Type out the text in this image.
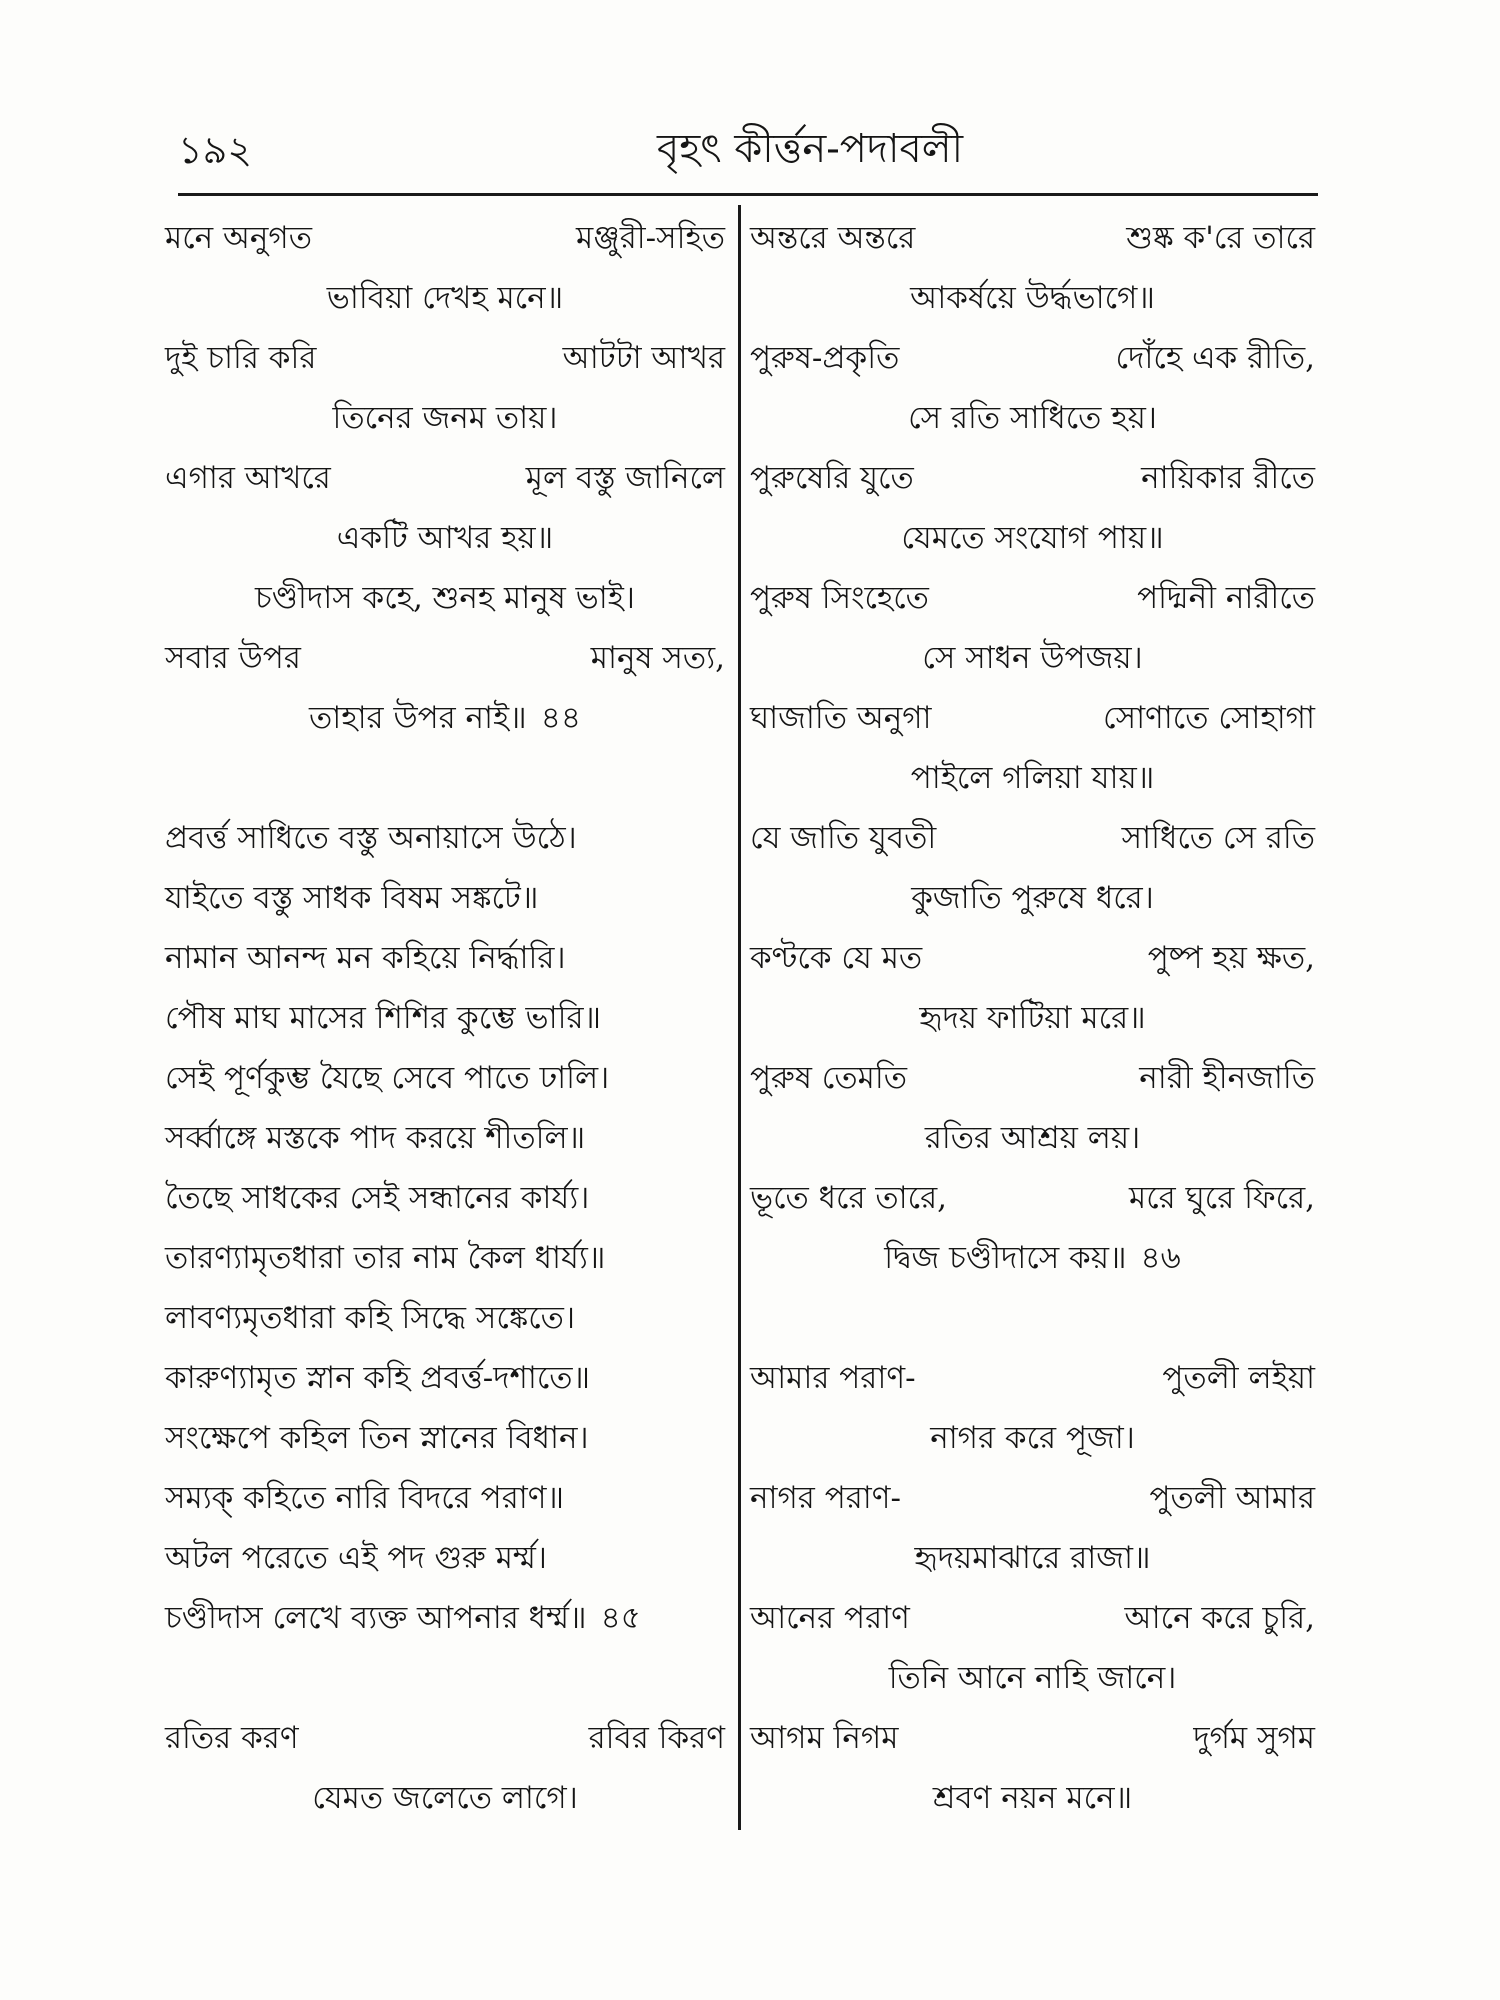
১৯২	বৃহৎ কীর্ত্তন-পদাবলী
মনে অনুগত	মঞ্জুরী-সহিত
ভাবিয়া দেখহ মনে॥
দুই চারি করি	আটটা আখর
তিনের জনম তায়।
এগার আখরে	মূল বস্তু জানিলে
একটি আখর হয়॥
চণ্ডীদাস কহে, শুনহ মানুষ ভাই।
সবার উপর	মানুষ সত্য,
তাহার উপর নাই॥ ৪৪
প্রবর্ত্ত সাধিতে বস্তু অনায়াসে উঠে।
যাইতে বস্তু সাধক বিষম সঙ্কটে॥
নামান আনন্দ মন কহিয়ে নির্দ্ধারি।
পৌষ মাঘ মাসের শিশির কুম্ভে ভারি॥
সেই পূর্ণকুম্ভ যৈছে সেবে পাতে ঢালি।
সর্ব্বাঙ্গে মস্তকে পাদ করয়ে শীতলি॥
তৈছে সাধকের সেই সন্ধানের কার্য্য।
তারণ্যামৃতধারা তার নাম কৈল ধার্য্য॥
লাবণ্যমৃতধারা কহি সিদ্ধে সঙ্কেতে।
কারুণ্যামৃত স্নান কহি প্রবর্ত্ত-দশাতে॥
সংক্ষেপে কহিল তিন স্নানের বিধান।
সম্যক্ কহিতে নারি বিদরে পরাণ॥
অটল পরেতে এই পদ গুরু মর্ম্ম।
চণ্ডীদাস লেখে ব্যক্ত আপনার ধর্ম্ম॥ ৪৫
রতির করণ	রবির কিরণ
যেমত জলেতে লাগে।
অন্তরে অন্তরে	শুষ্ক ক'রে তারে
আকর্ষয়ে উর্দ্ধভাগে॥
পুরুষ-প্রকৃতি	দোঁহে এক রীতি,
সে রতি সাধিতে হয়।
পুরুষেরি যুতে	নায়িকার রীতে
যেমতে সংযোগ পায়॥
পুরুষ সিংহেতে	পদ্মিনী নারীতে
সে সাধন উপজয়।
ঘাজাতি অনুগা	সোণাতে সোহাগা
পাইলে গলিয়া যায়॥
যে জাতি যুবতী	সাধিতে সে রতি
কুজাতি পুরুষে ধরে।
কণ্টকে যে মত	পুষ্প হয় ক্ষত,
হৃদয় ফাটিয়া মরে॥
পুরুষ তেমতি	নারী হীনজাতি
রতির আশ্রয় লয়।
ভূতে ধরে তারে,	মরে ঘুরে ফিরে,
দ্বিজ চণ্ডীদাসে কয়॥ ৪৬
আমার পরাণ-	পুতলী লইয়া
নাগর করে পূজা।
নাগর পরাণ-	পুতলী আমার
হৃদয়মাঝারে রাজা॥
আনের পরাণ	আনে করে চুরি,
তিনি আনে নাহি জানে।
আগম নিগম	দুর্গম সুগম
শ্রবণ নয়ন মনে॥
